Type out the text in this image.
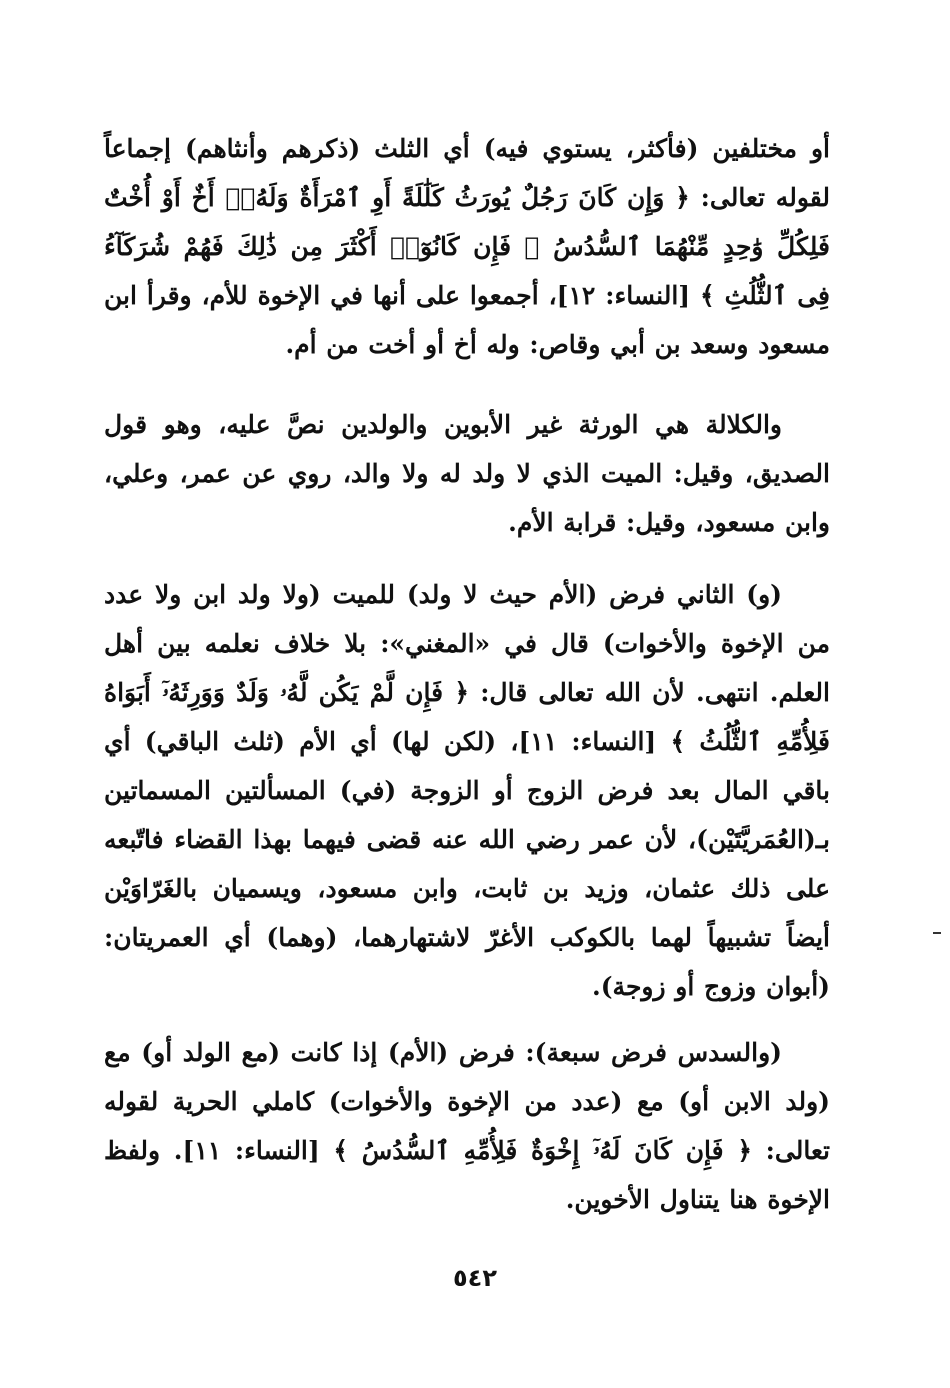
أو مختلفين (فأكثر، يستوي فيه) أي الثلث (ذكرهم وأنثاهم) إجماعاً لقوله تعالى: ﴿ وَإِن كَانَ رَجُلٌ يُورَثُ كَلَٰلَةً أَوِ ٱمْرَأَةٌ وَلَهُۥٓ أَخٌ أَوْ أُخْتٌ فَلِكُلِّ وَٰحِدٍ مِّنْهُمَا ٱلسُّدُسُ ۚ فَإِن كَانُوٓا۟ أَكْثَرَ مِن ذَٰلِكَ فَهُمْ شُرَكَآءُ فِى ٱلثُّلُثِ ﴾ [النساء: ١٢]، أجمعوا على أنها في الإخوة للأم، وقرأ ابن مسعود وسعد بن أبي وقاص: وله أخ أو أخت من أم.

والكلالة هي الورثة غير الأبوين والولدين نصَّ عليه، وهو قول الصديق، وقيل: الميت الذي لا ولد له ولا والد، روي عن عمر، وعلي، وابن مسعود، وقيل: قرابة الأم.

(و) الثاني فرض (الأم حيث لا ولد) للميت (ولا ولد ابن ولا عدد من الإخوة والأخوات) قال في «المغني»: بلا خلاف نعلمه بين أهل العلم. انتهى. لأن الله تعالى قال: ﴿ فَإِن لَّمْ يَكُن لَّهُۥ وَلَدٌ وَوَرِثَهُۥٓ أَبَوَاهُ فَلِأُمِّهِ ٱلثُّلُثُ ﴾ [النساء: ١١]، (لكن لها) أي الأم (ثلث الباقي) أي باقي المال بعد فرض الزوج أو الزوجة (في) المسألتين المسماتين بـ(العُمَريَّتَيْن)، لأن عمر رضي الله عنه قضى فيهما بهذا القضاء فاتّبعه على ذلك عثمان، وزيد بن ثابت، وابن مسعود، ويسميان بالغَرّاوَيْن أيضاً تشبيهاً لهما بالكوكب الأغرّ لاشتهارهما، (وهما) أي العمريتان: (أبوان وزوج أو زوجة).

(والسدس فرض سبعة): فرض (الأم) إذا كانت (مع الولد أو) مع (ولد الابن أو) مع (عدد من الإخوة والأخوات) كاملي الحرية لقوله تعالى: ﴿ فَإِن كَانَ لَهُۥٓ إِخْوَةٌ فَلِأُمِّهِ ٱلسُّدُسُ ﴾ [النساء: ١١]. ولفظ الإخوة هنا يتناول الأخوين.

٥٤٢
